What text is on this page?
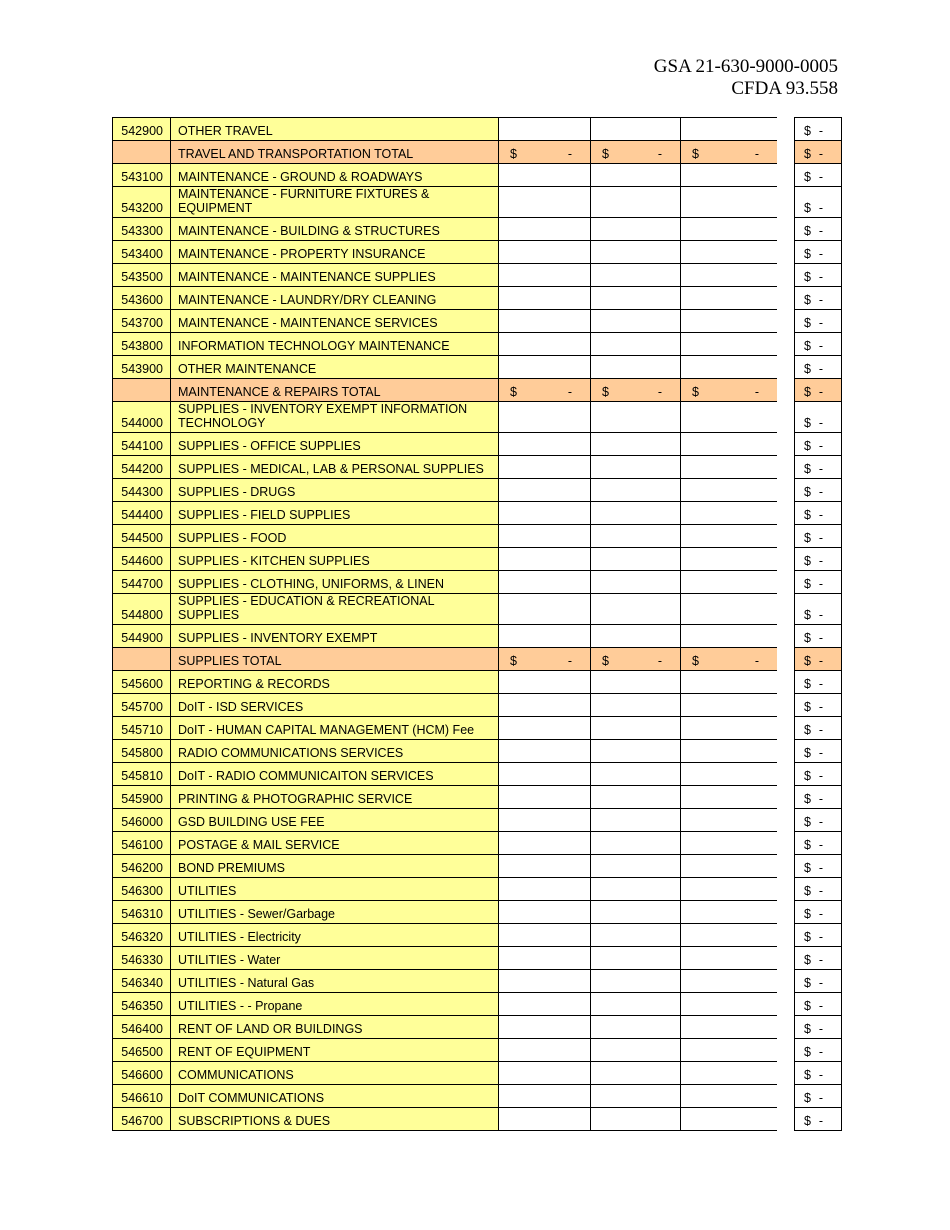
GSA 21-630-9000-0005
CFDA 93.558
542900	OTHER TRAVEL					$ -

	TRAVEL AND TRANSPORTATION TOTAL	$ -	$ -	$ -		$ -

543100	MAINTENANCE - GROUND & ROADWAYS					$ -

543200	MAINTENANCE - FURNITURE FIXTURES & EQUIPMENT					$ -

543300	MAINTENANCE - BUILDING & STRUCTURES					$ -

543400	MAINTENANCE - PROPERTY INSURANCE					$ -

543500	MAINTENANCE - MAINTENANCE SUPPLIES					$ -

543600	MAINTENANCE - LAUNDRY/DRY CLEANING					$ -

543700	MAINTENANCE - MAINTENANCE SERVICES					$ -

543800	INFORMATION TECHNOLOGY MAINTENANCE					$ -

543900	OTHER MAINTENANCE					$ -

	MAINTENANCE & REPAIRS TOTAL	$ -	$ -	$ -		$ -

544000	SUPPLIES - INVENTORY EXEMPT INFORMATION TECHNOLOGY					$ -

544100	SUPPLIES - OFFICE SUPPLIES					$ -

544200	SUPPLIES - MEDICAL, LAB & PERSONAL SUPPLIES					$ -

544300	SUPPLIES - DRUGS					$ -

544400	SUPPLIES - FIELD SUPPLIES					$ -

544500	SUPPLIES - FOOD					$ -

544600	SUPPLIES - KITCHEN SUPPLIES					$ -

544700	SUPPLIES - CLOTHING, UNIFORMS, & LINEN					$ -

544800	SUPPLIES - EDUCATION & RECREATIONAL SUPPLIES					$ -

544900	SUPPLIES - INVENTORY EXEMPT					$ -

	SUPPLIES TOTAL	$ -	$ -	$ -		$ -

545600	REPORTING & RECORDS					$ -

545700	DoIT - ISD SERVICES					$ -

545710	DoIT - HUMAN CAPITAL MANAGEMENT (HCM) Fee					$ -

545800	RADIO COMMUNICATIONS SERVICES					$ -

545810	DoIT - RADIO COMMUNICAITON SERVICES					$ -

545900	PRINTING & PHOTOGRAPHIC SERVICE					$ -

546000	GSD BUILDING USE FEE					$ -

546100	POSTAGE & MAIL SERVICE					$ -

546200	BOND PREMIUMS					$ -

546300	UTILITIES					$ -

546310	UTILITIES - Sewer/Garbage					$ -

546320	UTILITIES - Electricity					$ -

546330	UTILITIES - Water					$ -

546340	UTILITIES - Natural Gas					$ -

546350	UTILITIES - - Propane					$ -

546400	RENT OF LAND OR BUILDINGS					$ -

546500	RENT OF EQUIPMENT					$ -

546600	COMMUNICATIONS					$ -

546610	DoIT COMMUNICATIONS					$ -

546700	SUBSCRIPTIONS & DUES					$ -
